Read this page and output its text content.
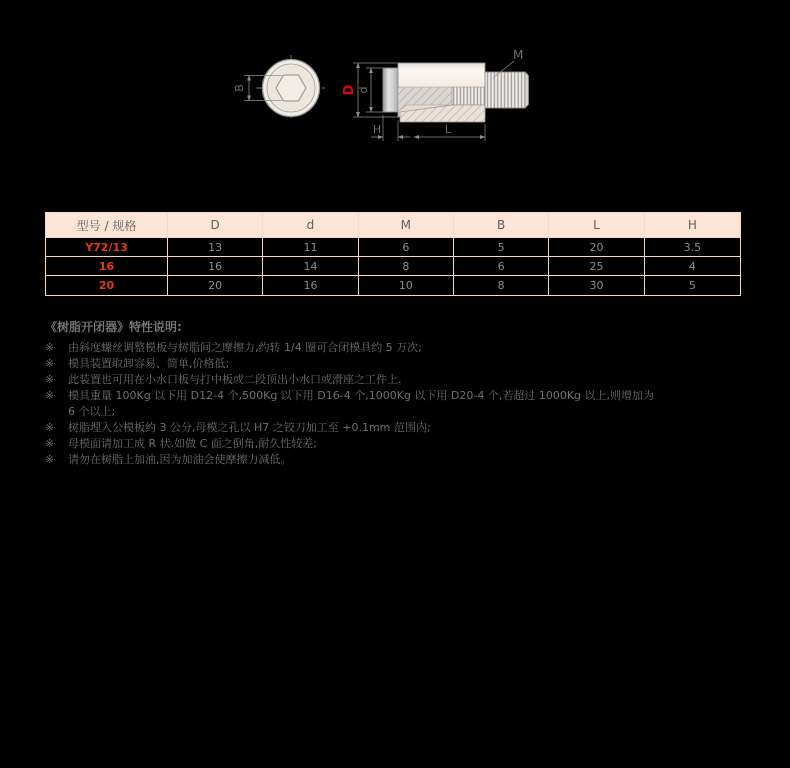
B	D d
M
H	L
型号 / 规格	D	d	M	B	L	H
Y72/13	13	11	6	5	20	3.5
16	16	14	8	6	25	4
20	20	16	10	8	30	5
《树脂开闭器》特性说明:
※	由斜度螺丝调整模板与树脂间之摩擦力,约转 1/4 圈可合闭模具约 5 万次;
※	模具装置取卸容易、简单,价格低;
※	此装置也可用在小水口板与打中板或二段顶出小水口或滑座之工件上.
※	模具重量 100Kg 以下用 D12-4 个,500Kg 以下用 D16-4 个,1000Kg 以下用 D20-4 个,若超过 1000Kg 以上,则增加为 6 个以上;
※	树脂埋入公模板约 3 公分,母模之孔以 H7 之铰刀加工至 +0.1mm 范围内;
※	母模面请加工成 R 状.如做 C 面之倒角,耐久性较差;
※	请勿在树脂上加油,因为加油会使摩擦力减低。
